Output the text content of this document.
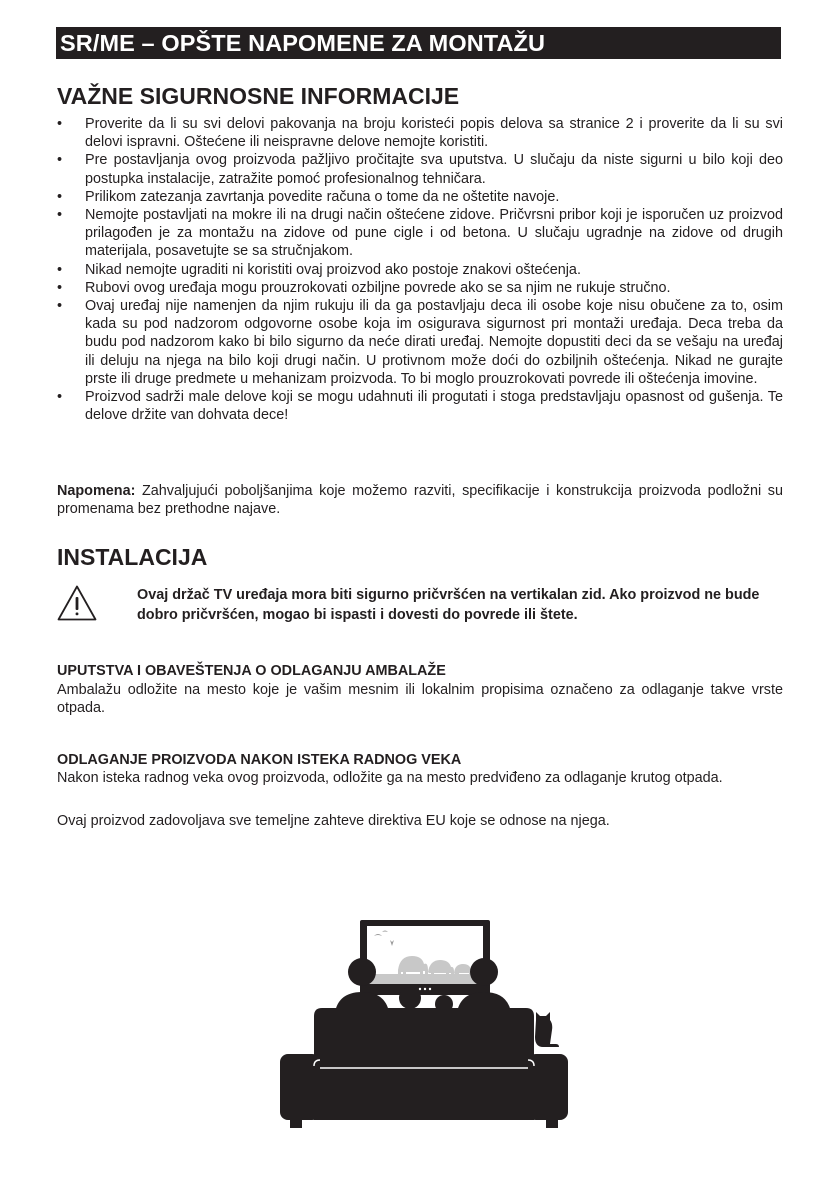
SR/ME – OPŠTE NAPOMENE ZA MONTAŽU
VAŽNE SIGURNOSNE INFORMACIJE
• Proverite da li su svi delovi pakovanja na broju koristeći popis delova sa stranice 2 i proverite da li su svi delovi ispravni. Oštećene ili neispravne delove nemojte koristiti.
• Pre postavljanja ovog proizvoda pažljivo pročitajte sva uputstva. U slučaju da niste sigurni u bilo koji deo postupka instalacije, zatražite pomoć profesionalnog tehničara.
• Prilikom zatezanja zavrtanja povedite računa o tome da ne oštetite navoje.
• Nemojte postavljati na mokre ili na drugi način oštećene zidove. Pričvrsni pribor koji je isporučen uz proizvod prilagođen je za montažu na zidove od pune cigle i od betona. U slučaju ugradnje na zidove od drugih materijala, posavetujte se sa stručnjakom.
• Nikad nemojte ugraditi ni koristiti ovaj proizvod ako postoje znakovi oštećenja.
• Rubovi ovog uređaja mogu prouzrokovati ozbiljne povrede ako se sa njim ne rukuje stručno.
• Ovaj uređaj nije namenjen da njim rukuju ili da ga postavljaju deca ili osobe koje nisu obučene za to, osim kada su pod nadzorom odgovorne osobe koja im osigurava sigurnost pri montaži uređaja. Deca treba da budu pod nadzorom kako bi bilo sigurno da neće dirati uređaj. Nemojte dopustiti deci da se vešaju na uređaj ili deluju na njega na bilo koji drugi način. U protivnom može doći do ozbiljnih oštećenja. Nikad ne gurajte prste ili druge predmete u mehanizam proizvoda. To bi moglo prouzrokovati povrede ili oštećenja imovine.
• Proizvod sadrži male delove koji se mogu udahnuti ili progutati i stoga predstavljaju opasnost od gušenja. Te delove držite van dohvata dece!

Napomena: Zahvaljujući poboljšanjima koje možemo razviti, specifikacije i konstrukcija proizvoda podložni su promenama bez prethodne najave.

INSTALACIJA

Ovaj držač TV uređaja mora biti sigurno pričvršćen na vertikalan zid. Ako proizvod ne bude dobro pričvršćen, mogao bi ispasti i dovesti do povrede ili štete.

UPUTSTVA I OBAVEŠTENJA O ODLAGANJU AMBALAŽE

Ambalažu odložite na mesto koje je vašim mesnim ili lokalnim propisima označeno za odlaganje takve vrste otpada.

ODLAGANJE PROIZVODA NAKON ISTEKA RADNOG VEKA

Nakon isteka radnog veka ovog proizvoda, odložite ga na mesto predviđeno za odlaganje krutog otpada.

Ovaj proizvod zadovoljava sve temeljne zahteve direktiva EU koje se odnose na njega.
